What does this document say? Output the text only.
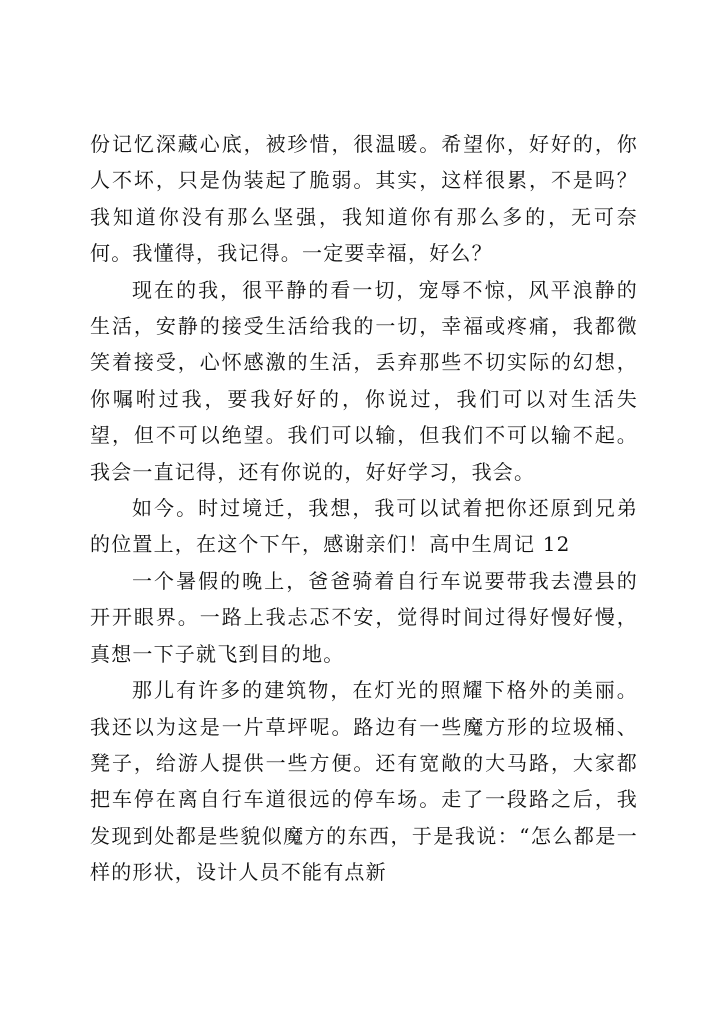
份记忆深藏心底，被珍惜，很温暖。希望你，好好的，你人不坏，只是伪装起了脆弱。其实，这样很累，不是吗？我知道你没有那么坚强，我知道你有那么多的，无可奈何。我懂得，我记得。一定要幸福，好么？

现在的我，很平静的看一切，宠辱不惊，风平浪静的生活，安静的接受生活给我的一切，幸福或疼痛，我都微笑着接受，心怀感激的生活，丢弃那些不切实际的幻想，你嘱咐过我，要我好好的，你说过，我们可以对生活失望，但不可以绝望。我们可以输，但我们不可以输不起。我会一直记得，还有你说的，好好学习，我会。

如今。时过境迁，我想，我可以试着把你还原到兄弟的位置上，在这个下午，感谢亲们！高中生周记 12

一个暑假的晚上，爸爸骑着自行车说要带我去澧县的开开眼界。一路上我忐忑不安，觉得时间过得好慢好慢，真想一下子就飞到目的地。

那儿有许多的建筑物，在灯光的照耀下格外的美丽。我还以为这是一片草坪呢。路边有一些魔方形的垃圾桶、凳子，给游人提供一些方便。还有宽敞的大马路，大家都把车停在离自行车道很远的停车场。走了一段路之后，我发现到处都是些貌似魔方的东西，于是我说：“怎么都是一样的形状，设计人员不能有点新
